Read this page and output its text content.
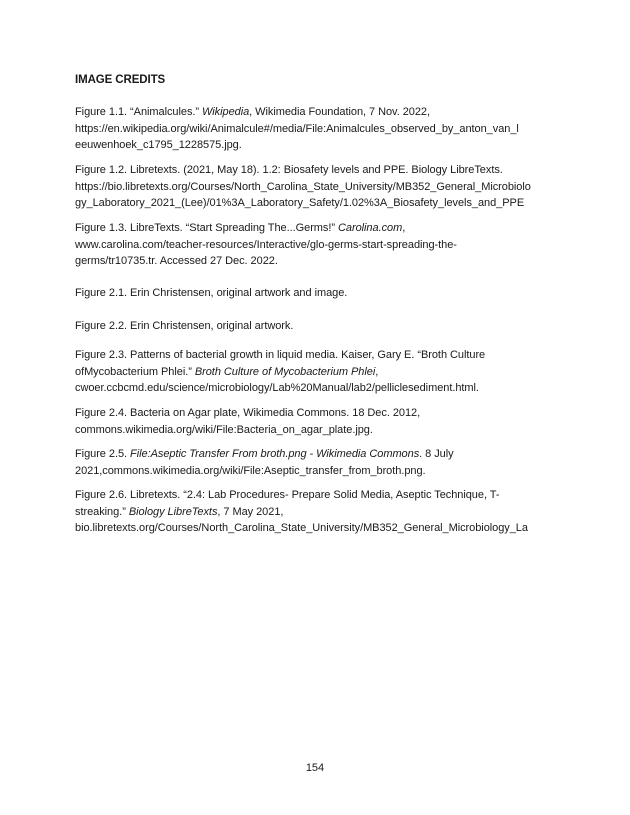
IMAGE CREDITS
Figure 1.1. “Animalcules.” Wikipedia, Wikimedia Foundation, 7 Nov. 2022,
https://en.wikipedia.org/wiki/Animalcule#/media/File:Animalcules_observed_by_anton_van_l
eeuwenhoek_c1795_1228575.jpg.
Figure 1.2. Libretexts. (2021, May 18). 1.2: Biosafety levels and PPE. Biology LibreTexts.
https://bio.libretexts.org/Courses/North_Carolina_State_University/MB352_General_Microbiolo
gy_Laboratory_2021_(Lee)/01%3A_Laboratory_Safety/1.02%3A_Biosafety_levels_and_PPE
Figure 1.3. LibreTexts. “Start Spreading The...Germs!” Carolina.com,
www.carolina.com/teacher-resources/Interactive/glo-germs-start-spreading-the-
germs/tr10735.tr. Accessed 27 Dec. 2022.
Figure 2.1. Erin Christensen, original artwork and image.
Figure 2.2. Erin Christensen, original artwork.
Figure 2.3. Patterns of bacterial growth in liquid media. Kaiser, Gary E. “Broth Culture
ofMycobacterium Phlei.” Broth Culture of Mycobacterium Phlei,
cwoer.ccbcmd.edu/science/microbiology/Lab%20Manual/lab2/pelliclesediment.html.
Figure 2.4. Bacteria on Agar plate, Wikimedia Commons. 18 Dec. 2012,
commons.wikimedia.org/wiki/File:Bacteria_on_agar_plate.jpg.
Figure 2.5. File:Aseptic Transfer From broth.png - Wikimedia Commons. 8 July
2021,commons.wikimedia.org/wiki/File:Aseptic_transfer_from_broth.png.
Figure 2.6. Libretexts. “2.4: Lab Procedures- Prepare Solid Media, Aseptic Technique, T-
streaking.” Biology LibreTexts, 7 May 2021,
bio.libretexts.org/Courses/North_Carolina_State_University/MB352_General_Microbiology_La
154
